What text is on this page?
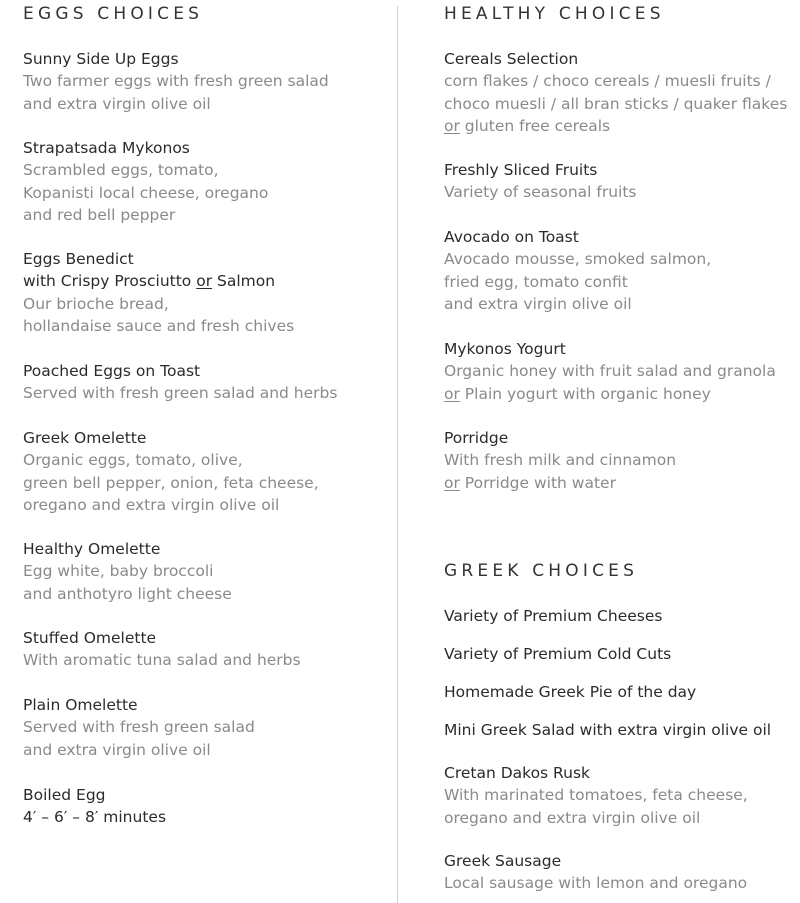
EGGS CHOICES
Sunny Side Up Eggs
Two farmer eggs with fresh green salad
and extra virgin olive oil
Strapatsada Mykonos
Scrambled eggs, tomato,
Kopanisti local cheese, oregano
and red bell pepper
Eggs Benedict
with Crispy Prosciutto or Salmon
Our brioche bread,
hollandaise sauce and fresh chives
Poached Eggs on Toast
Served with fresh green salad and herbs
Greek Omelette
Organic eggs, tomato, olive,
green bell pepper, onion, feta cheese,
oregano and extra virgin olive oil
Healthy Omelette
Egg white, baby broccoli
and anthotyro light cheese
Stuffed Omelette
With aromatic tuna salad and herbs
Plain Omelette
Served with fresh green salad
and extra virgin olive oil
Boiled Egg
4′ – 6′ – 8′ minutes
HEALTHY CHOICES
Cereals Selection
corn flakes / choco cereals / muesli fruits /
choco muesli / all bran sticks / quaker flakes
or gluten free cereals
Freshly Sliced Fruits
Variety of seasonal fruits
Avocado on Toast
Avocado mousse, smoked salmon,
fried egg, tomato confit
and extra virgin olive oil
Mykonos Yogurt
Organic honey with fruit salad and granola
or Plain yogurt with organic honey
Porridge
With fresh milk and cinnamon
or Porridge with water
GREEK CHOICES
Variety of Premium Cheeses
Variety of Premium Cold Cuts
Homemade Greek Pie of the day
Mini Greek Salad with extra virgin olive oil
Cretan Dakos Rusk
With marinated tomatoes, feta cheese,
oregano and extra virgin olive oil
Greek Sausage
Local sausage with lemon and oregano
